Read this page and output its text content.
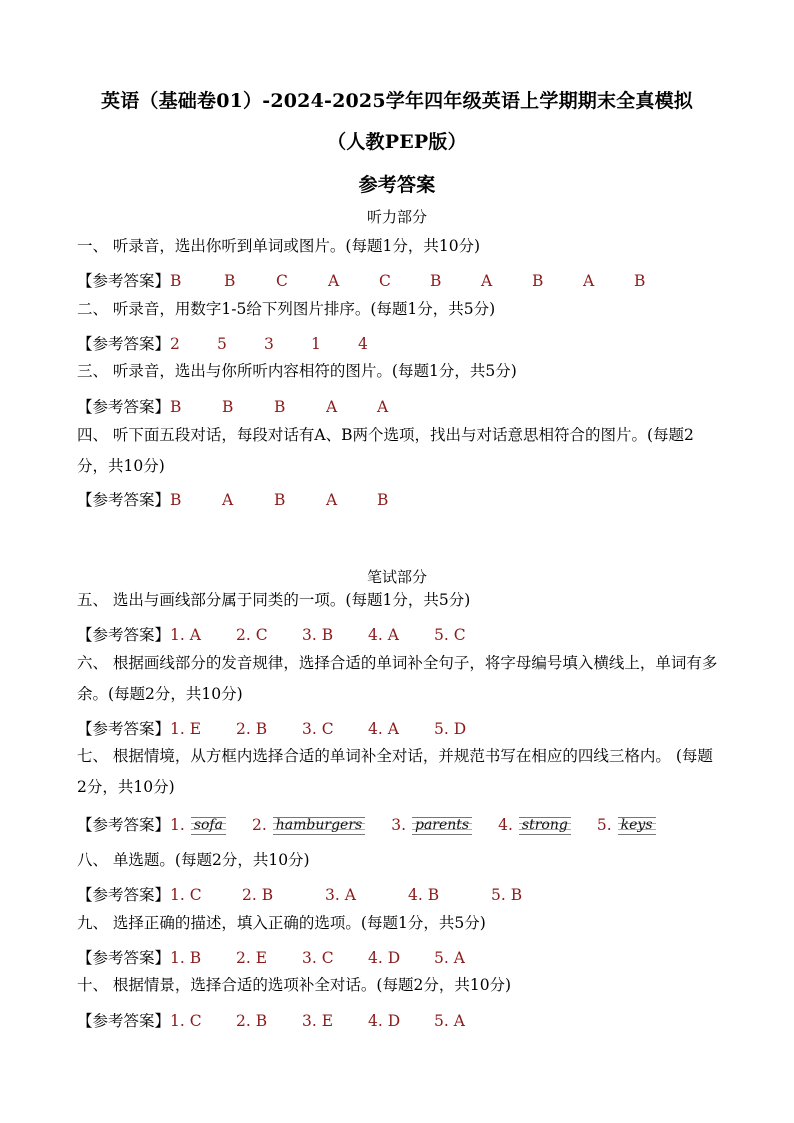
英语（基础卷01）-2024-2025学年四年级英语上学期期末全真模拟
（人教PEP版）
参考答案
听力部分
一、 听录音，选出你听到单词或图片。(每题1分，共10分)
【参考答案】B	B	C	A	C	B	A	B	A	B
二、 听录音，用数字1-5给下列图片排序。(每题1分，共5分)
【参考答案】2 5 3 1 4
三、 听录音，选出与你所听内容相符的图片。(每题1分，共5分)
【参考答案】B	B	B	A	A
四、 听下面五段对话，每段对话有A、B两个选项，找出与对话意思相符合的图片。(每题2分，共10分)
【参考答案】B	A	B	A	B
笔试部分
五、 选出与画线部分属于同类的一项。(每题1分，共5分)
【参考答案】1. A 2. C 3. B 4. A 5. C
六、 根据画线部分的发音规律，选择合适的单词补全句子，将字母编号填入横线上，单词有多余。(每题2分，共10分)
【参考答案】1. E 2. B 3. C 4. A 5. D
七、 根据情境，从方框内选择合适的单词补全对话，并规范书写在相应的四线三格内。 (每题2分，共10分)
【参考答案】1. sofa 2. hamburgers 3. parents 4. strong 5. keys
八、 单选题。(每题2分，共10分)
【参考答案】1. C	2. B	3. A	4. B	5. B
九、 选择正确的描述，填入正确的选项。(每题1分，共5分)
【参考答案】1. B 2. E 3. C 4. D 5. A
十、 根据情景，选择合适的选项补全对话。(每题2分，共10分)
【参考答案】1. C 2. B 3. E 4. D 5. A
